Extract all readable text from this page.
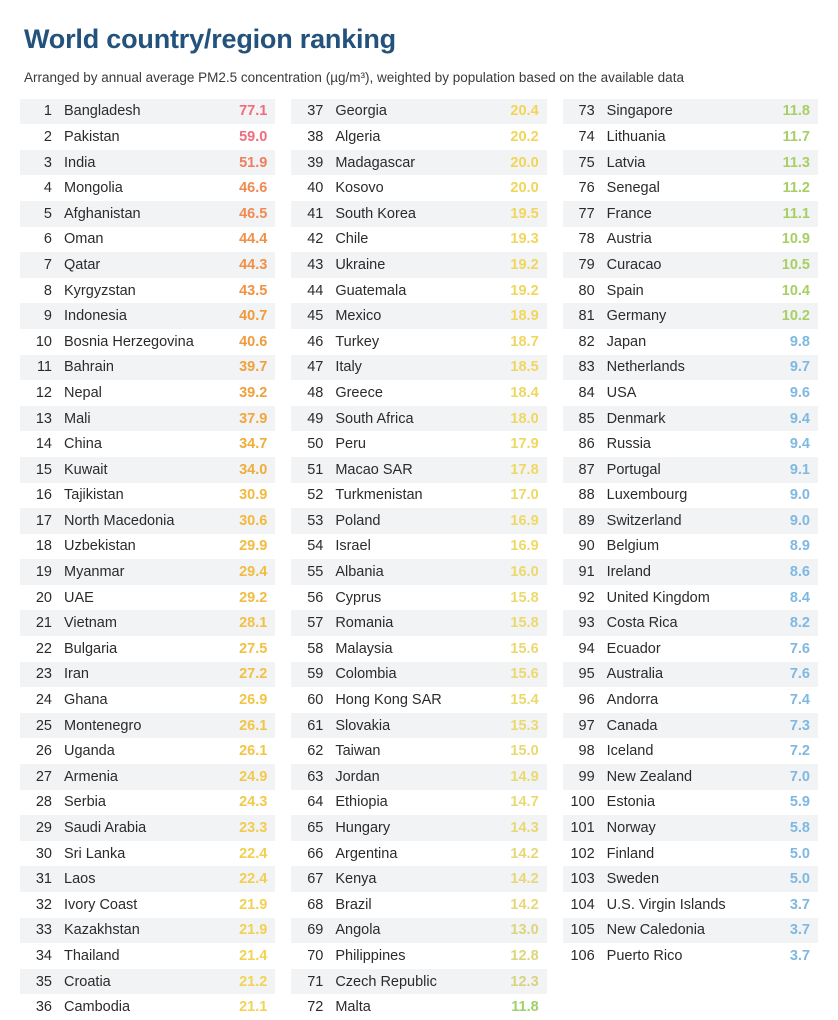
World country/region ranking
Arranged by annual average PM2.5 concentration (µg/m³), weighted by population based on the available data
1 Bangladesh	77.1
2 Pakistan	59.0
3 India	51.9
4 Mongolia	46.6
5 Afghanistan	46.5
6 Oman	44.4
7 Qatar	44.3
8 Kyrgyzstan	43.5
9 Indonesia	40.7
10 Bosnia Herzegovina	40.6
11 Bahrain	39.7
12 Nepal	39.2
13 Mali	37.9
14 China	34.7
15 Kuwait	34.0
16 Tajikistan	30.9
17 North Macedonia	30.6
18 Uzbekistan	29.9
19 Myanmar	29.4
20 UAE	29.2
21 Vietnam	28.1
22 Bulgaria	27.5
23 Iran	27.2
24 Ghana	26.9
25 Montenegro	26.1
26 Uganda	26.1
27 Armenia	24.9
28 Serbia	24.3
29 Saudi Arabia	23.3
30 Sri Lanka	22.4
31 Laos	22.4
32 Ivory Coast	21.9
33 Kazakhstan	21.9
34 Thailand	21.4
35 Croatia	21.2
36 Cambodia	21.1
37 Georgia	20.4
38 Algeria	20.2
39 Madagascar	20.0
40 Kosovo	20.0
41 South Korea	19.5
42 Chile	19.3
43 Ukraine	19.2
44 Guatemala	19.2
45 Mexico	18.9
46 Turkey	18.7
47 Italy	18.5
48 Greece	18.4
49 South Africa	18.0
50 Peru	17.9
51 Macao SAR	17.8
52 Turkmenistan	17.0
53 Poland	16.9
54 Israel	16.9
55 Albania	16.0
56 Cyprus	15.8
57 Romania	15.8
58 Malaysia	15.6
59 Colombia	15.6
60 Hong Kong SAR	15.4
61 Slovakia	15.3
62 Taiwan	15.0
63 Jordan	14.9
64 Ethiopia	14.7
65 Hungary	14.3
66 Argentina	14.2
67 Kenya	14.2
68 Brazil	14.2
69 Angola	13.0
70 Philippines	12.8
71 Czech Republic	12.3
72 Malta	11.8
73 Singapore	11.8
74 Lithuania	11.7
75 Latvia	11.3
76 Senegal	11.2
77 France	11.1
78 Austria	10.9
79 Curacao	10.5
80 Spain	10.4
81 Germany	10.2
82 Japan	9.8
83 Netherlands	9.7
84 USA	9.6
85 Denmark	9.4
86 Russia	9.4
87 Portugal	9.1
88 Luxembourg	9.0
89 Switzerland	9.0
90 Belgium	8.9
91 Ireland	8.6
92 United Kingdom	8.4
93 Costa Rica	8.2
94 Ecuador	7.6
95 Australia	7.6
96 Andorra	7.4
97 Canada	7.3
98 Iceland	7.2
99 New Zealand	7.0
100 Estonia	5.9
101 Norway	5.8
102 Finland	5.0
103 Sweden	5.0
104 U.S. Virgin Islands	3.7
105 New Caledonia	3.7
106 Puerto Rico	3.7
